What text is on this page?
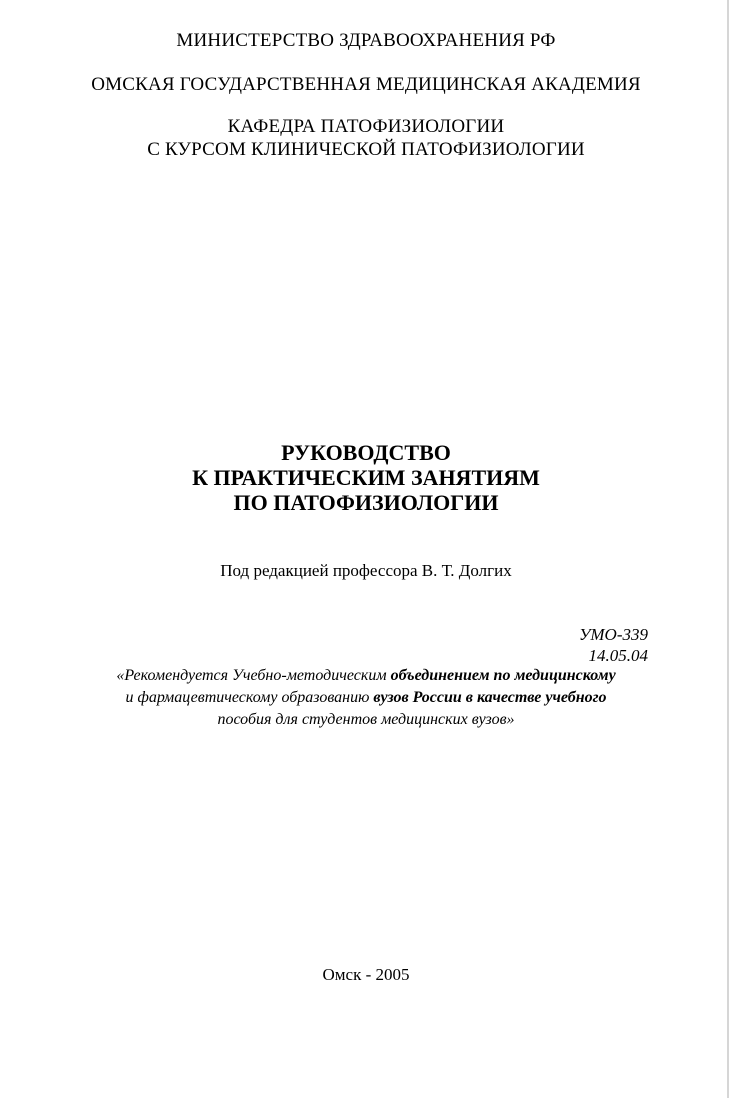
МИНИСТЕРСТВО ЗДРАВООХРАНЕНИЯ РФ
ОМСКАЯ ГОСУДАРСТВЕННАЯ МЕДИЦИНСКАЯ АКАДЕМИЯ
КАФЕДРА ПАТОФИЗИОЛОГИИ
С КУРСОМ КЛИНИЧЕСКОЙ ПАТОФИЗИОЛОГИИ
РУКОВОДСТВО
К ПРАКТИЧЕСКИМ ЗАНЯТИЯМ
ПО ПАТОФИЗИОЛОГИИ
Под редакцией профессора В. Т. Долгих
УМО-339
14.05.04
«Рекомендуется Учебно-методическим объединением по медицинскому
и фармацевтическому образованию вузов России в качестве учебного
пособия для студентов медицинских вузов»
Омск - 2005
